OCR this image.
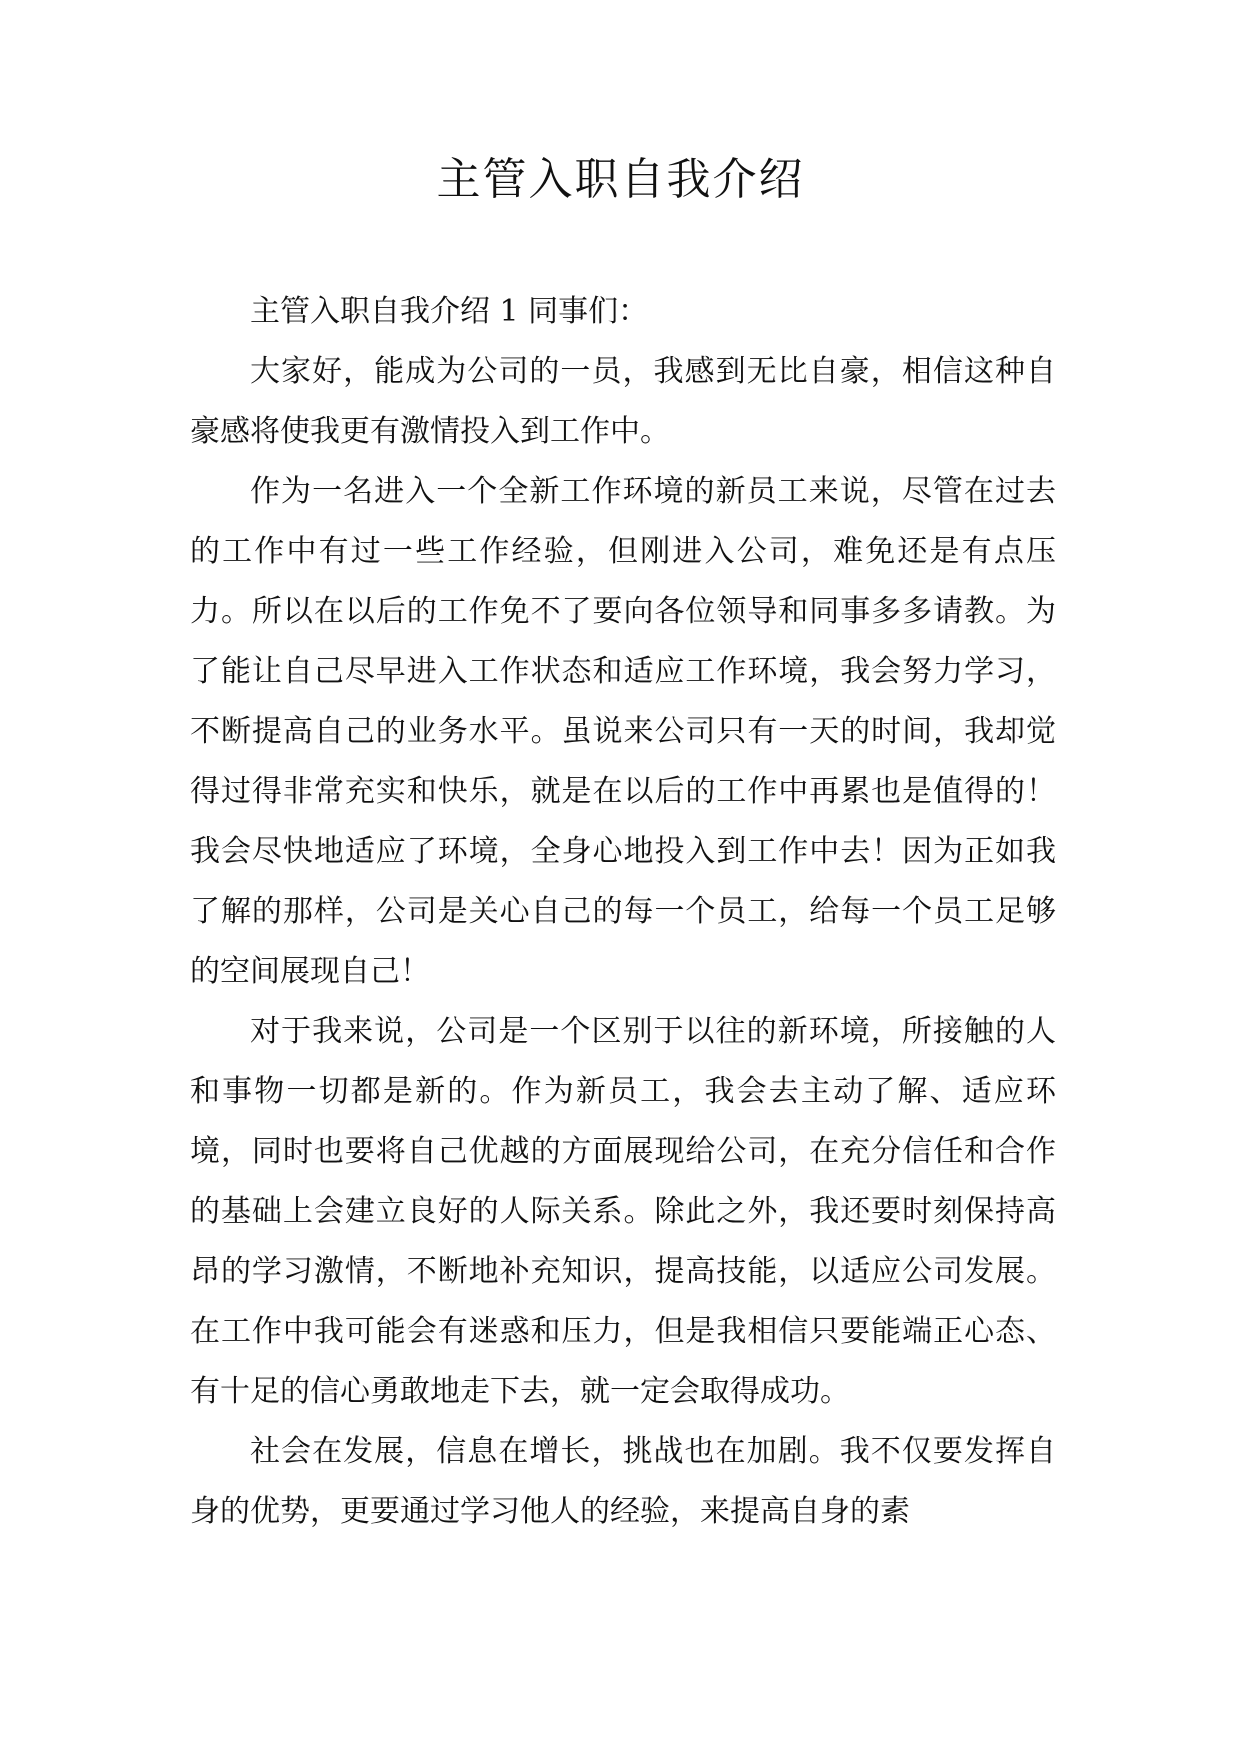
主管入职自我介绍

主管入职自我介绍 1 同事们：

大家好，能成为公司的一员，我感到无比自豪，相信这种自豪感将使我更有激情投入到工作中。

作为一名进入一个全新工作环境的新员工来说，尽管在过去的工作中有过一些工作经验，但刚进入公司，难免还是有点压力。所以在以后的工作免不了要向各位领导和同事多多请教。为了能让自己尽早进入工作状态和适应工作环境，我会努力学习，不断提高自己的业务水平。虽说来公司只有一天的时间，我却觉得过得非常充实和快乐，就是在以后的工作中再累也是值得的！我会尽快地适应了环境，全身心地投入到工作中去！因为正如我了解的那样，公司是关心自己的每一个员工，给每一个员工足够的空间展现自己！

对于我来说，公司是一个区别于以往的新环境，所接触的人和事物一切都是新的。作为新员工，我会去主动了解、适应环境，同时也要将自己优越的方面展现给公司，在充分信任和合作的基础上会建立良好的人际关系。除此之外，我还要时刻保持高昂的学习激情，不断地补充知识，提高技能，以适应公司发展。在工作中我可能会有迷惑和压力，但是我相信只要能端正心态、有十足的信心勇敢地走下去，就一定会取得成功。

社会在发展，信息在增长，挑战也在加剧。我不仅要发挥自身的优势，更要通过学习他人的经验，来提高自身的素
